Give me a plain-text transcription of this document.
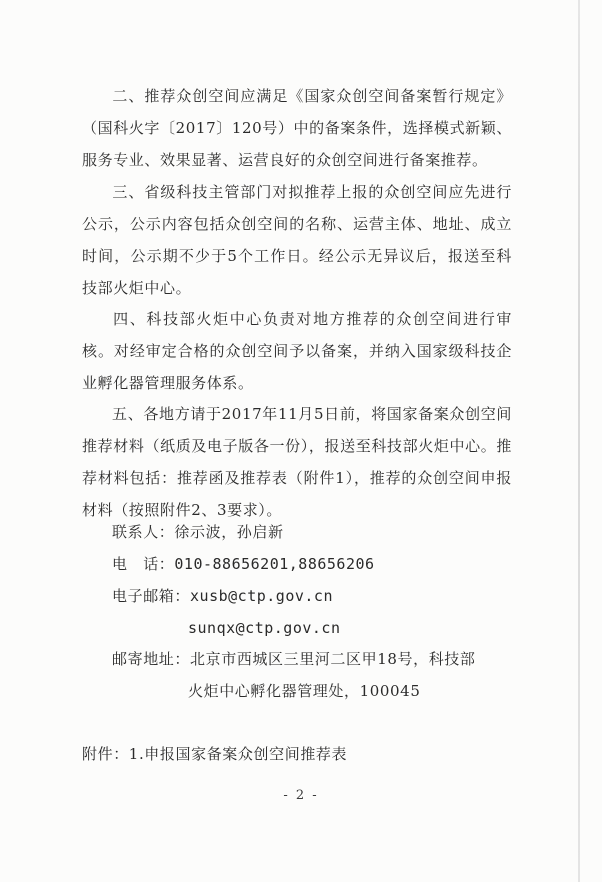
二、推荐众创空间应满足《国家众创空间备案暂行规定》（国科火字〔2017〕120号）中的备案条件，选择模式新颖、服务专业、效果显著、运营良好的众创空间进行备案推荐。

三、省级科技主管部门对拟推荐上报的众创空间应先进行公示，公示内容包括众创空间的名称、运营主体、地址、成立时间，公示期不少于5个工作日。经公示无异议后，报送至科技部火炬中心。

四、科技部火炬中心负责对地方推荐的众创空间进行审核。对经审定合格的众创空间予以备案，并纳入国家级科技企业孵化器管理服务体系。

五、各地方请于2017年11月5日前，将国家备案众创空间推荐材料（纸质及电子版各一份），报送至科技部火炬中心。推荐材料包括：推荐函及推荐表（附件1），推荐的众创空间申报材料（按照附件2、3要求）。

联系人：徐示波，孙启新
电　话：010-88656201,88656206
电子邮箱：xusb@ctp.gov.cn
sunqx@ctp.gov.cn
邮寄地址：北京市西城区三里河二区甲18号，科技部
火炬中心孵化器管理处，100045
附件：1.申报国家备案众创空间推荐表
- 2 -
